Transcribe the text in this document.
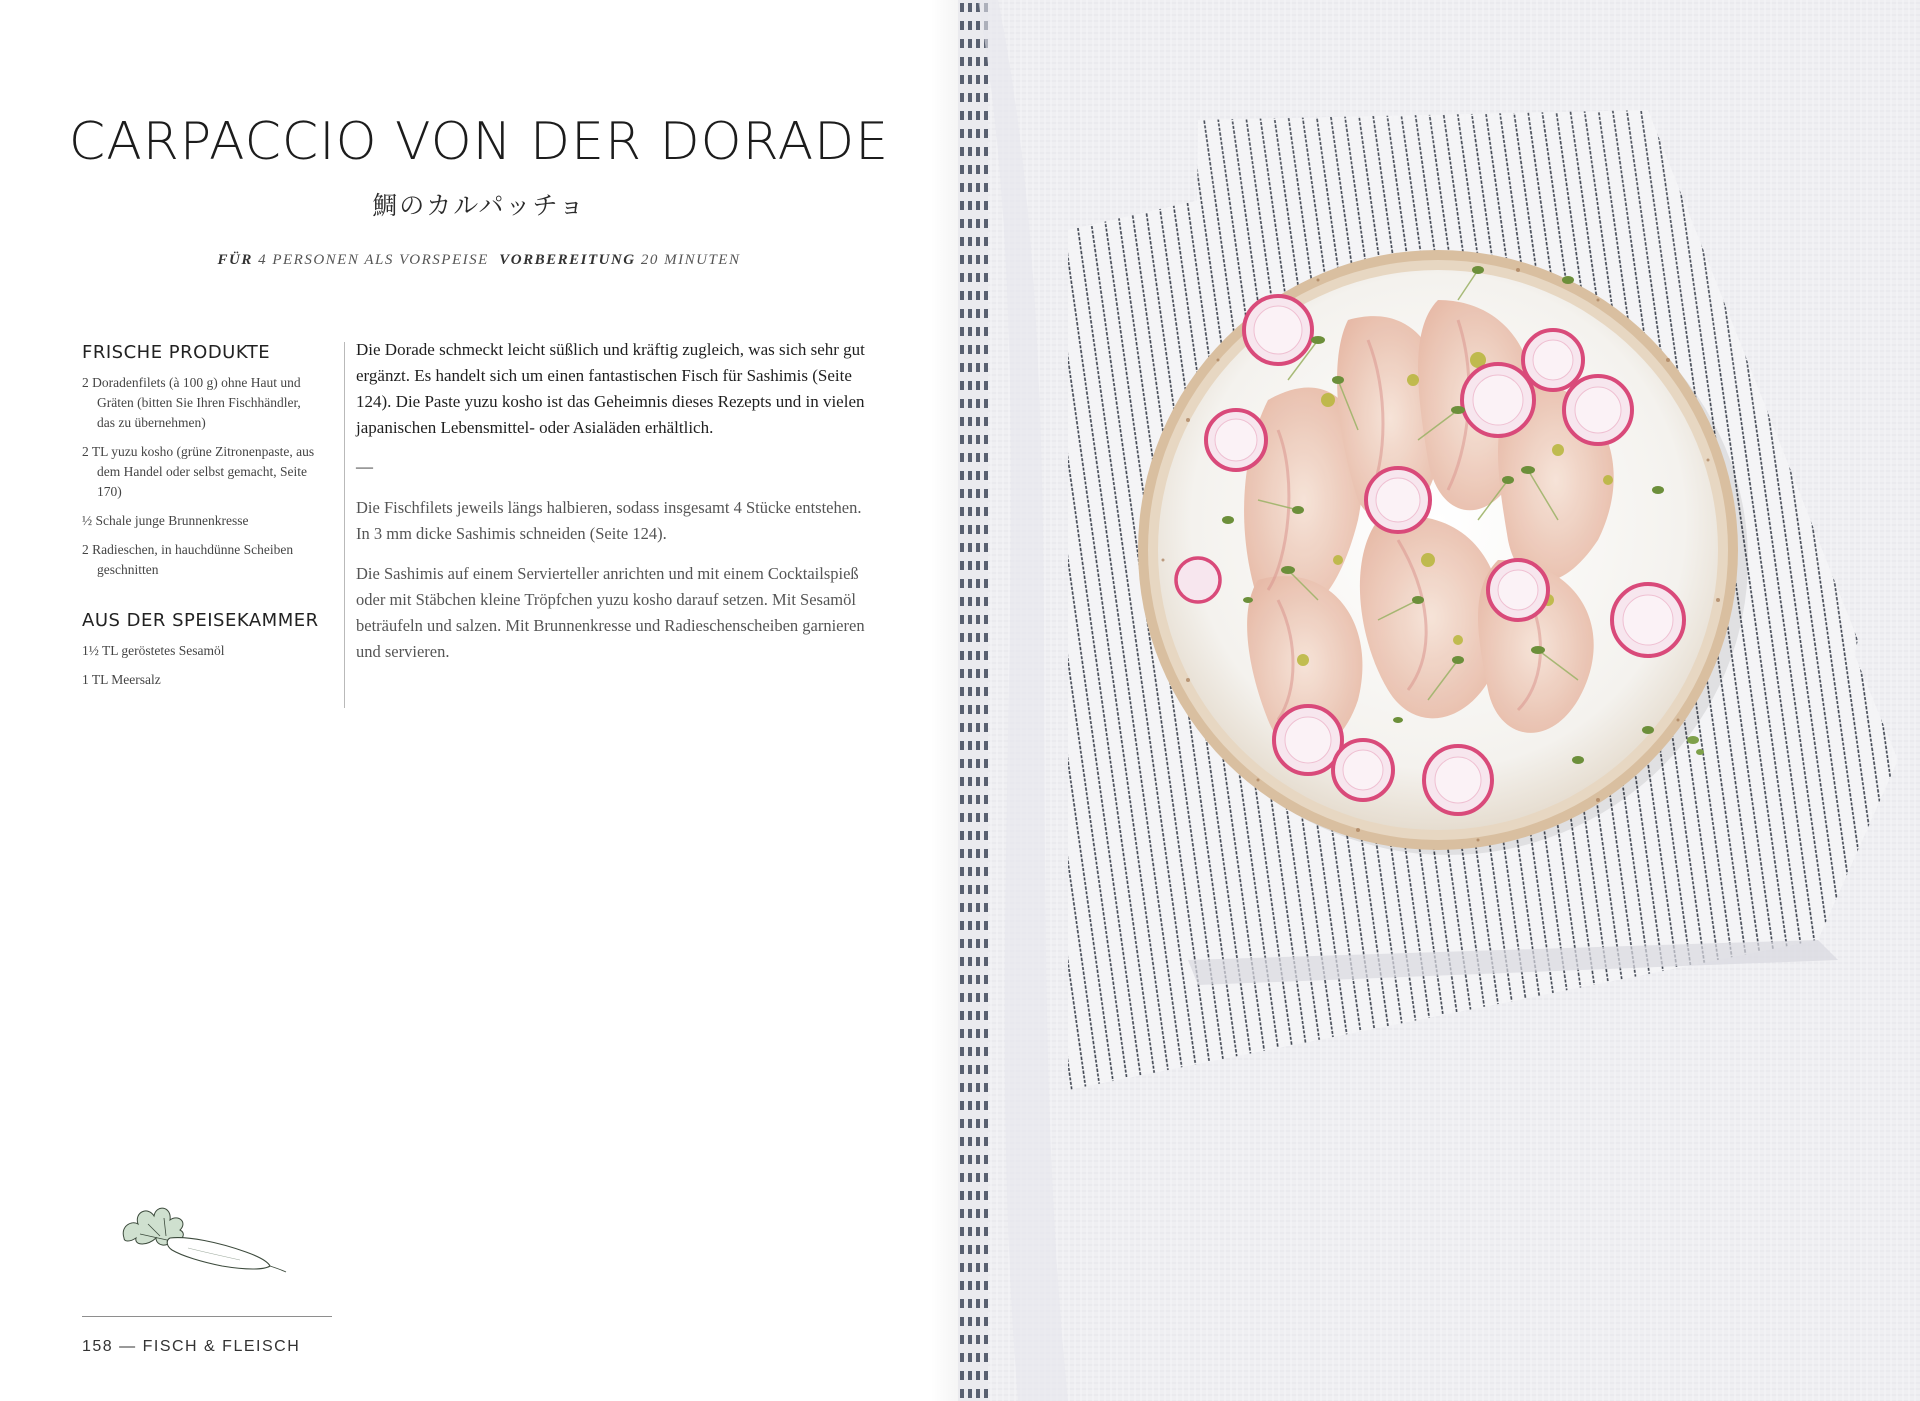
CARPACCIO VON DER DORADE
鯛のカルパッチョ
FÜR 4 PERSONEN ALS VORSPEISE  VORBEREITUNG 20 MINUTEN
FRISCHE PRODUKTE
2 Doradenfilets (à 100 g) ohne Haut und Gräten (bitten Sie Ihren Fischhändler, das zu übernehmen)
2 TL yuzu kosho (grüne Zitronenpaste, aus dem Handel oder selbst gemacht, Seite 170)
½ Schale junge Brunnenkresse
2 Radieschen, in hauchdünne Scheiben geschnitten
AUS DER SPEISEKAMMER
1½ TL geröstetes Sesamöl
1 TL Meersalz

Die Dorade schmeckt leicht süßlich und kräftig zugleich, was sich sehr gut ergänzt. Es handelt sich um einen fantastischen Fisch für Sashimis (Seite 124). Die Paste yuzu kosho ist das Geheimnis dieses Rezepts und in vielen japanischen Lebensmittel- oder Asialäden erhältlich.

—

Die Fischfilets jeweils längs halbieren, sodass insgesamt 4 Stücke entstehen. In 3 mm dicke Sashimis schneiden (Seite 124).

Die Sashimis auf einem Servierteller anrichten und mit einem Cocktailspieß oder mit Stäbchen kleine Tröpfchen yuzu kosho darauf setzen. Mit Sesamöl beträufeln und salzen. Mit Brunnenkresse und Radieschenscheiben garnieren und servieren.

158 — FISCH & FLEISCH
